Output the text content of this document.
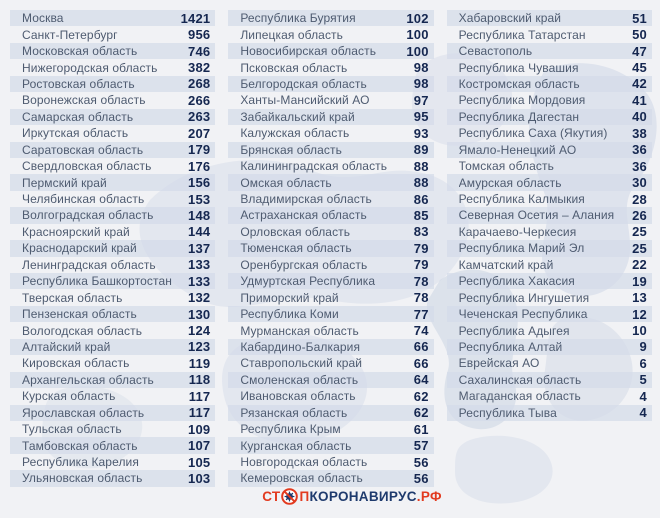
Москва	1421
Санкт-Петербург	956
Московская область	746
Нижегородская область 382
Ростовская область	268
Воронежская область	266
Самарская область	263
Иркутская область	207
Саратовская область	179
Свердловская область	176
Пермский край	156
Челябинская область	153
Волгоградская область	148
Красноярский край	144
Краснодарский край	137
Ленинградская область 133
Республика Башкортостан 133
Тверская область	132
Пензенская область	130
Вологодская область	124
Алтайский край	123
Кировская область	119
Архангельская область	118
Курская область	117
Ярославская область	117
Тульская область	109
Тамбовская область	107
Республика Карелия	105
Ульяновская область	103
Республика Бурятия	102
Липецкая область	100
Новосибирская область 100
Псковская область	98
Белгородская область	98
Ханты-Мансийский АО	97
Забайкальский край	95
Калужская область	93
Брянская область	89
Калининградская область 88
Омская область	88
Владимирская область	86
Астраханская область	85
Орловская область	83
Тюменская область	79
Оренбургская область	79
Удмуртская Республика	78
Приморский край	78
Республика Коми	77
Мурманская область	74
Кабардино-Балкария	66
Ставропольский край	66
Смоленская область	64
Ивановская область	62
Рязанская область	62
Республика Крым	61
Курганская область	57
Новгородская область	56
Кемеровская область	56
Хабаровский край	51
Республика Татарстан	50
Севастополь	47
Республика Чувашия	45
Костромская область	42
Республика Мордовия	41
Республика Дагестан	40
Республика Саха (Якутия) 38
Ямало-Ненецкий АО	36
Томская область	36
Амурская область	30
Республика Калмыкия	28
Северная Осетия – Алания 26
Карачаево-Черкесия	25
Республика Марий Эл	25
Камчатский край	22
Республика Хакасия	19
Республика Ингушетия	13
Чеченская Республика	12
Республика Адыгея	10
Республика Алтай	9
Еврейская АО	6
Сахалинская область	5
Магаданская область	4
Республика Тыва	4
СТ П КОРОНАВИРУС .РФ
